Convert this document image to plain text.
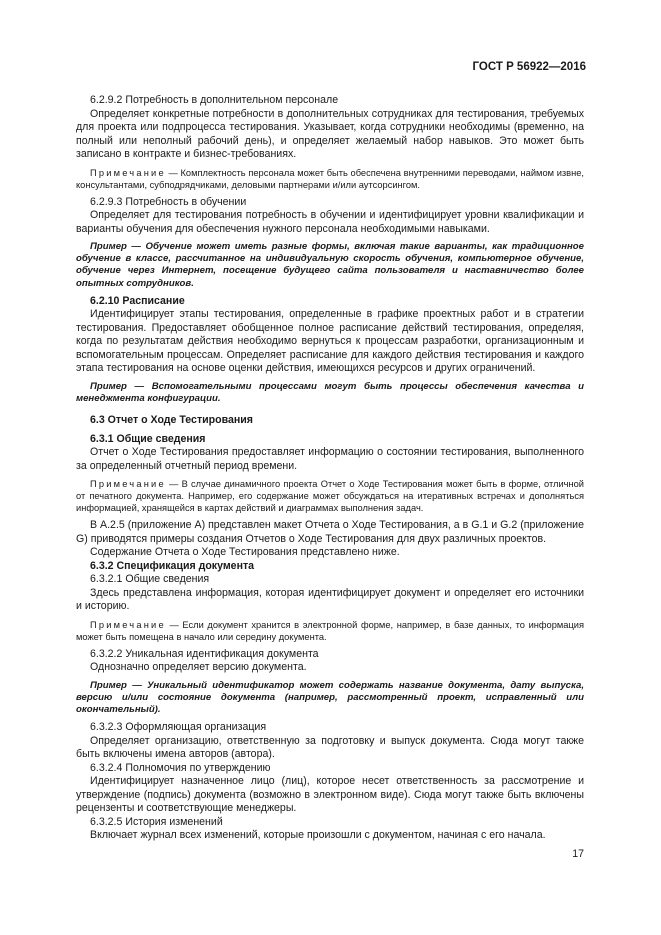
ГОСТ Р 56922—2016

6.2.9.2 Потребность в дополнительном персонале

Определяет конкретные потребности в дополнительных сотрудниках для тестирования, требуемых для проекта или подпроцесса тестирования. Указывает, когда сотрудники необходимы (временно, на полный или неполный рабочий день), и определяет желаемый набор навыков. Это может быть записано в контракте и бизнес-требованиях.

Примечание — Комплектность персонала может быть обеспечена внутренними переводами, наймом извне, консультантами, субподрядчиками, деловыми партнерами и/или аутсорсингом.

6.2.9.3 Потребность в обучении

Определяет для тестирования потребность в обучении и идентифицирует уровни квалификации и варианты обучения для обеспечения нужного персонала необходимыми навыками.

Пример — Обучение может иметь разные формы, включая такие варианты, как традиционное обучение в классе, рассчитанное на индивидуальную скорость обучения, компьютерное обучение, обучение через Интернет, посещение будущего сайта пользователя и наставничество более опытных сотрудников.

6.2.10 Расписание

Идентифицирует этапы тестирования, определенные в графике проектных работ и в стратегии тестирования. Предоставляет обобщенное полное расписание действий тестирования, определяя, когда по результатам действия необходимо вернуться к процессам разработки, организационным и вспомогательным процессам. Определяет расписание для каждого действия тестирования и каждого этапа тестирования на основе оценки действия, имеющихся ресурсов и других ограничений.

Пример — Вспомогательными процессами могут быть процессы обеспечения качества и менеджмента конфигурации.

6.3 Отчет о Ходе Тестирования

6.3.1 Общие сведения

Отчет о Ходе Тестирования предоставляет информацию о состоянии тестирования, выполненного за определенный отчетный период времени.

Примечание — В случае динамичного проекта Отчет о Ходе Тестирования может быть в форме, отличной от печатного документа. Например, его содержание может обсуждаться на итеративных встречах и дополняться информацией, хранящейся в картах действий и диаграммах выполнения задач.

В А.2.5 (приложение А) представлен макет Отчета о Ходе Тестирования, а в G.1 и G.2 (приложение G) приводятся примеры создания Отчетов о Ходе Тестирования для двух различных проектов.

Содержание Отчета о Ходе Тестирования представлено ниже.

6.3.2 Спецификация документа

6.3.2.1 Общие сведения

Здесь представлена информация, которая идентифицирует документ и определяет его источники и историю.

Примечание — Если документ хранится в электронной форме, например, в базе данных, то информация может быть помещена в начало или середину документа.

6.3.2.2 Уникальная идентификация документа

Однозначно определяет версию документа.

Пример — Уникальный идентификатор может содержать название документа, дату выпуска, версию и/или состояние документа (например, рассмотренный проект, исправленный или окончательный).

6.3.2.3 Оформляющая организация

Определяет организацию, ответственную за подготовку и выпуск документа. Сюда могут также быть включены имена авторов (автора).

6.3.2.4 Полномочия по утверждению

Идентифицирует назначенное лицо (лиц), которое несет ответственность за рассмотрение и утверждение (подпись) документа (возможно в электронном виде). Сюда могут также быть включены рецензенты и соответствующие менеджеры.

6.3.2.5 История изменений

Включает журнал всех изменений, которые произошли с документом, начиная с его начала.

17
